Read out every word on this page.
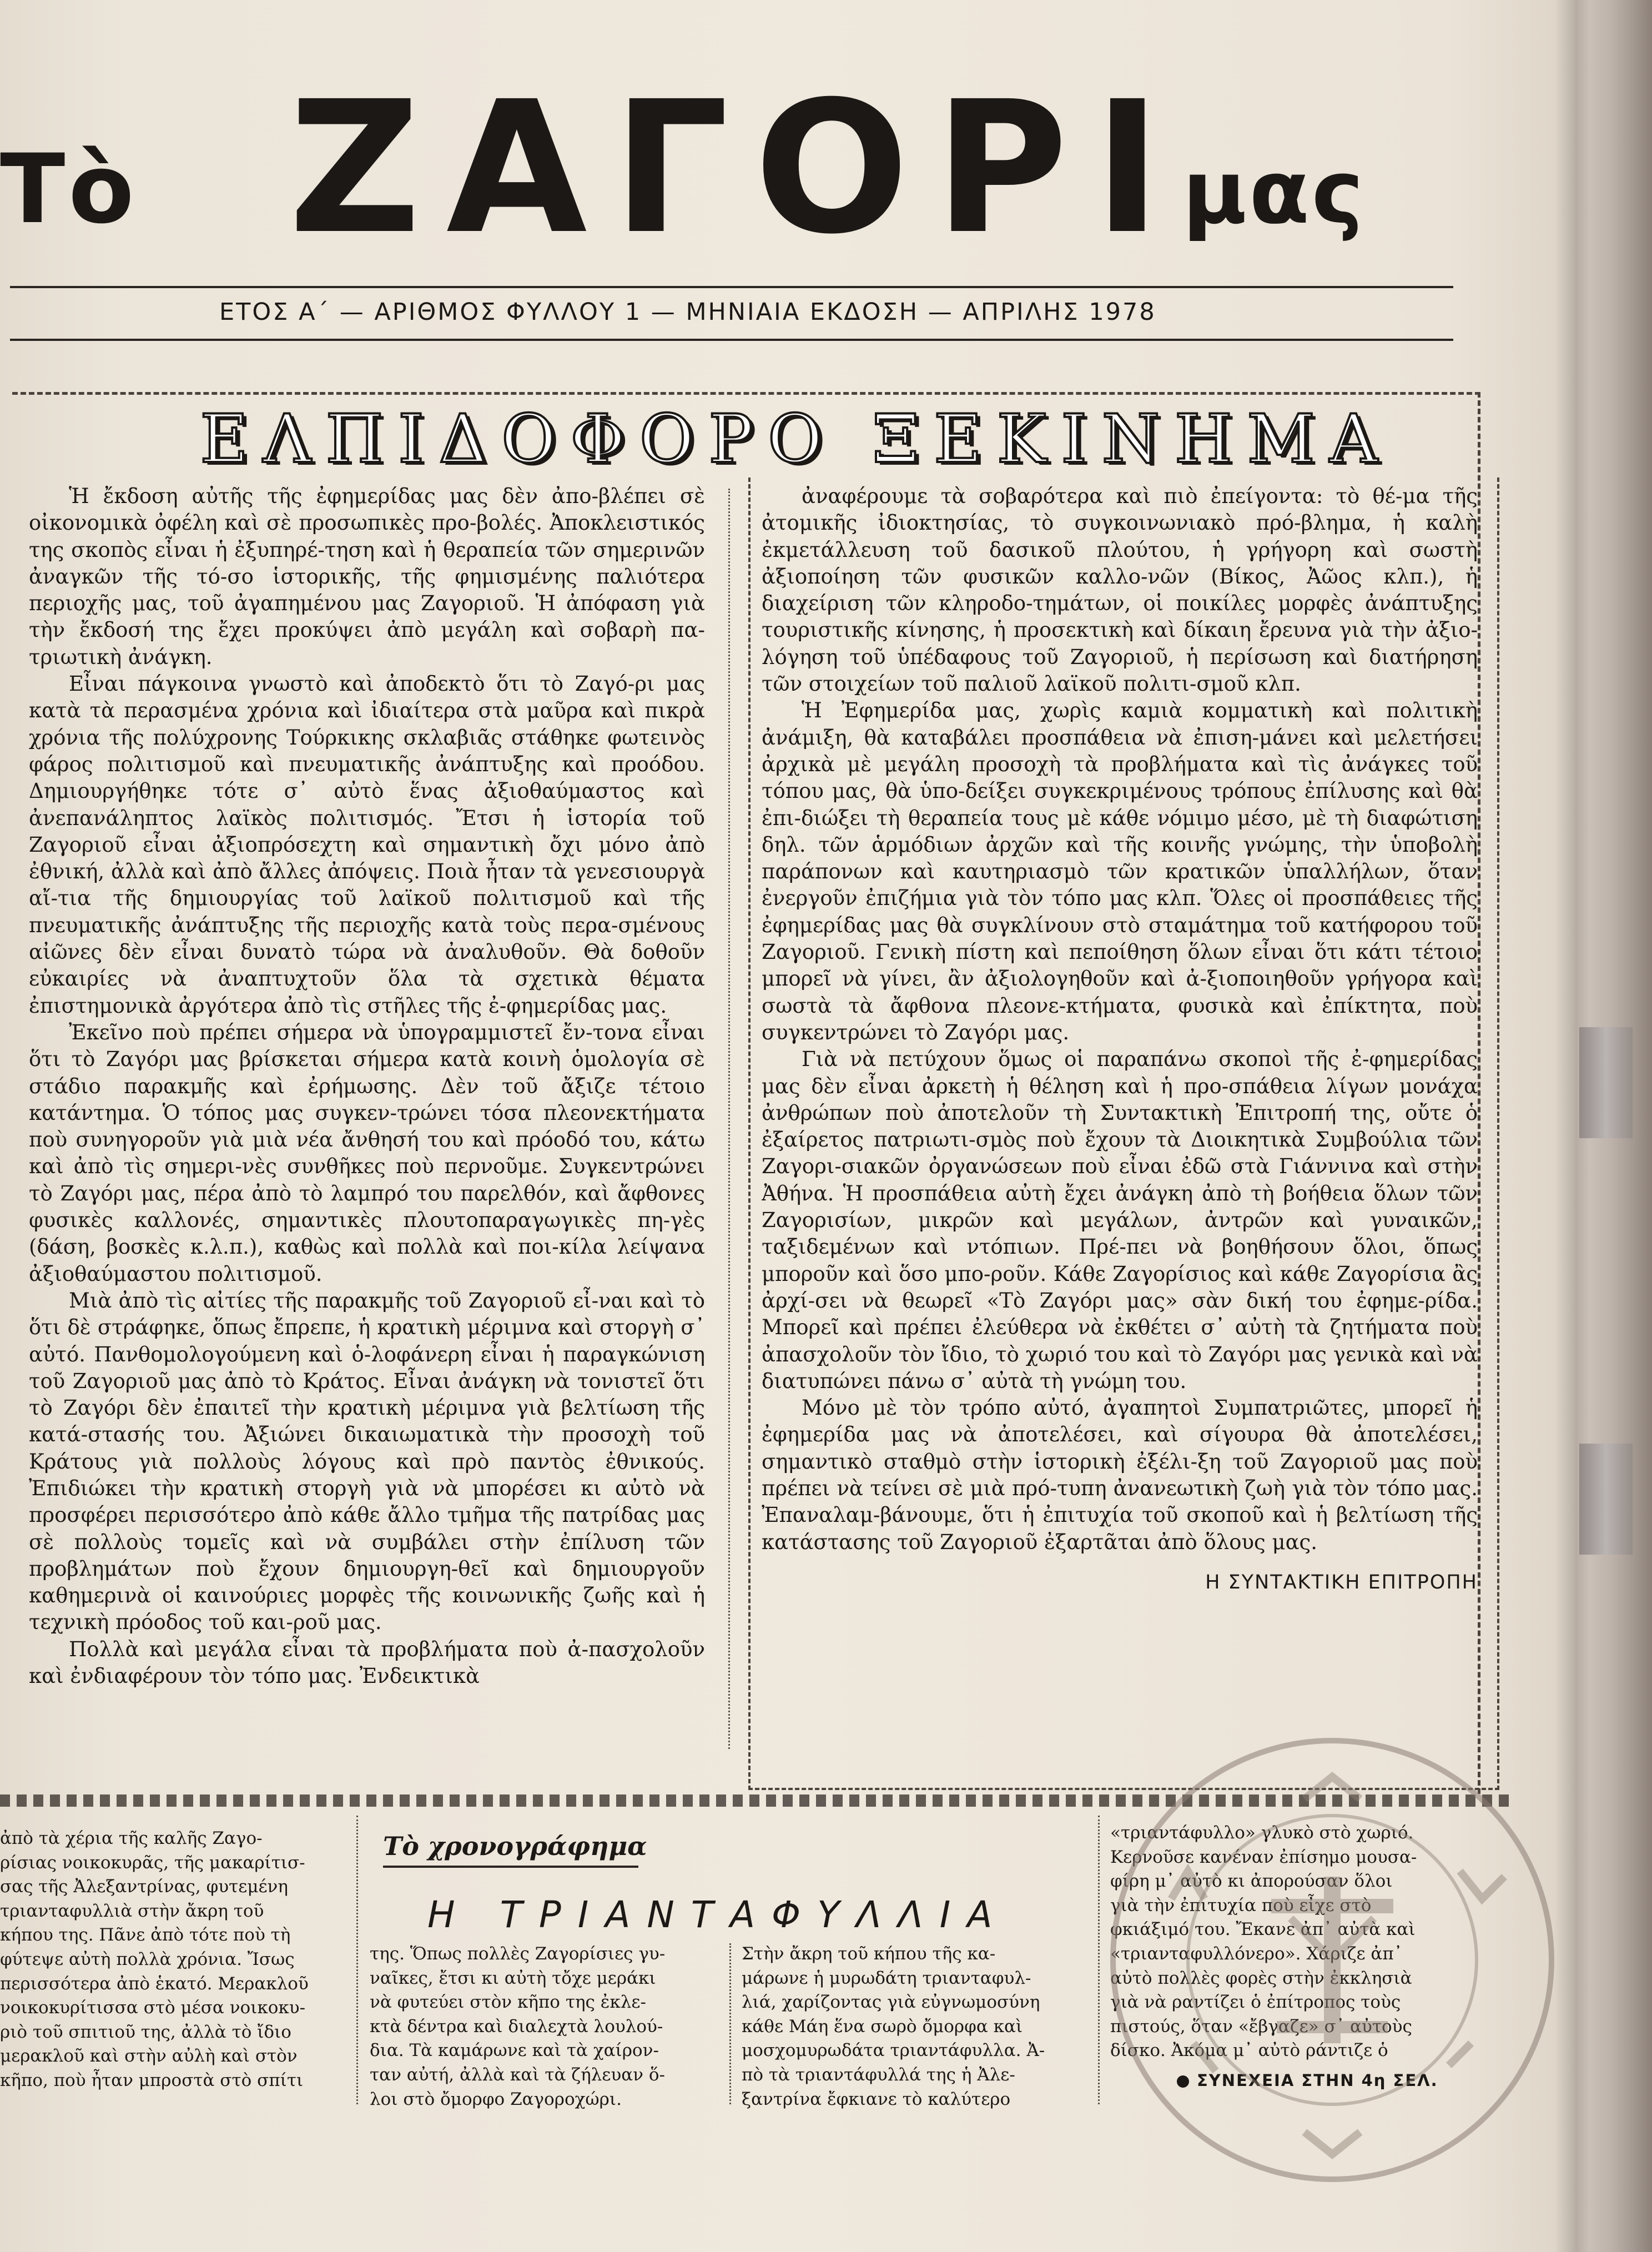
Τὸ ΖΑΓΟΡΙ
μας
ΕΤΟΣ Α΄ — ΑΡΙΘΜΟΣ ΦΥΛΛΟΥ 1 — ΜΗΝΙΑΙΑ ΕΚΔΟΣΗ — ΑΠΡΙΛΗΣ 1978
ΕΛΠΙΔΟΦΟΡΟ ΞΕΚΙΝΗΜΑ

Ἡ ἔκδοση αὐτῆς τῆς ἐφημερίδας μας δὲν ἀπο-βλέπει σὲ οἰκονομικὰ ὀφέλη καὶ σὲ προσωπικὲς προ-βολές. Ἀποκλειστικός της σκοπὸς εἶναι ἡ ἐξυπηρέ-τηση καὶ ἡ θεραπεία τῶν σημερινῶν ἀναγκῶν τῆς τό-σο ἱστορικῆς, τῆς φημισμένης παλιότερα περιοχῆς μας, τοῦ ἀγαπημένου μας Ζαγοριοῦ. Ἡ ἀπόφαση γιὰ τὴν ἔκδοσή της ἔχει προκύψει ἀπὸ μεγάλη καὶ σοβαρὴ πα-τριωτικὴ ἀνάγκη.

Εἶναι πάγκοινα γνωστὸ καὶ ἀποδεκτὸ ὅτι τὸ Ζαγό-ρι μας κατὰ τὰ περασμένα χρόνια καὶ ἰδιαίτερα στὰ μαῦρα καὶ πικρὰ χρόνια τῆς πολύχρονης Τούρκικης σκλαβιᾶς στάθηκε φωτεινὸς φάρος πολιτισμοῦ καὶ πνευματικῆς ἀνάπτυξης καὶ προόδου. Δημιουργήθηκε τότε σ᾿ αὐτὸ ἕνας ἀξιοθαύμαστος καὶ ἀνεπανάληπτος λαϊκὸς πολιτισμός. Ἔτσι ἡ ἱστορία τοῦ Ζαγοριοῦ εἶναι ἀξιοπρόσεχτη καὶ σημαντικὴ ὄχι μόνο ἀπὸ ἐθνική, ἀλλὰ καὶ ἀπὸ ἄλλες ἀπόψεις. Ποιὰ ἦταν τὰ γενεσιουργὰ αἴ-τια τῆς δημιουργίας τοῦ λαϊκοῦ πολιτισμοῦ καὶ τῆς πνευματικῆς ἀνάπτυξης τῆς περιοχῆς κατὰ τοὺς περα-σμένους αἰῶνες δὲν εἶναι δυνατὸ τώρα νὰ ἀναλυθοῦν. Θὰ δοθοῦν εὐκαιρίες νὰ ἀναπτυχτοῦν ὅλα τὰ σχετικὰ θέματα ἐπιστημονικὰ ἀργότερα ἀπὸ τὶς στῆλες τῆς ἐ-φημερίδας μας.

Ἐκεῖνο ποὺ πρέπει σήμερα νὰ ὑπογραμμιστεῖ ἔν-τονα εἶναι ὅτι τὸ Ζαγόρι μας βρίσκεται σήμερα κατὰ κοινὴ ὁμολογία σὲ στάδιο παρακμῆς καὶ ἐρήμωσης. Δὲν τοῦ ἄξιζε τέτοιο κατάντημα. Ὁ τόπος μας συγκεν-τρώνει τόσα πλεονεκτήματα ποὺ συνηγοροῦν γιὰ μιὰ νέα ἄνθησή του καὶ πρόοδό του, κάτω καὶ ἀπὸ τὶς σημερι-νὲς συνθῆκες ποὺ περνοῦμε. Συγκεντρώνει τὸ Ζαγόρι μας, πέρα ἀπὸ τὸ λαμπρό του παρελθόν, καὶ ἄφθονες φυσικὲς καλλονές, σημαντικὲς πλουτοπαραγωγικὲς πη-γὲς (δάση, βοσκὲς κ.λ.π.), καθὼς καὶ πολλὰ καὶ ποι-κίλα λείψανα ἀξιοθαύμαστου πολιτισμοῦ.

Μιὰ ἀπὸ τὶς αἰτίες τῆς παρακμῆς τοῦ Ζαγοριοῦ εἶ-ναι καὶ τὸ ὅτι δὲ στράφηκε, ὅπως ἔπρεπε, ἡ κρατικὴ μέριμνα καὶ στοργὴ σ᾿ αὐτό. Πανθομολογούμενη καὶ ὁ-λοφάνερη εἶναι ἡ παραγκώνιση τοῦ Ζαγοριοῦ μας ἀπὸ τὸ Κράτος. Εἶναι ἀνάγκη νὰ τονιστεῖ ὅτι τὸ Ζαγόρι δὲν ἐπαιτεῖ τὴν κρατικὴ μέριμνα γιὰ βελτίωση τῆς κατά-στασής του. Ἀξιώνει δικαιωματικὰ τὴν προσοχὴ τοῦ Κράτους γιὰ πολλοὺς λόγους καὶ πρὸ παντὸς ἐθνικούς. Ἐπιδιώκει τὴν κρατικὴ στοργὴ γιὰ νὰ μπορέσει κι αὐτὸ νὰ προσφέρει περισσότερο ἀπὸ κάθε ἄλλο τμῆμα τῆς πατρίδας μας σὲ πολλοὺς τομεῖς καὶ νὰ συμβάλει στὴν ἐπίλυση τῶν προβλημάτων ποὺ ἔχουν δημιουργη-θεῖ καὶ δημιουργοῦν καθημερινὰ οἱ καινούριες μορφὲς τῆς κοινωνικῆς ζωῆς καὶ ἡ τεχνικὴ πρόοδος τοῦ και-ροῦ μας.

Πολλὰ καὶ μεγάλα εἶναι τὰ προβλήματα ποὺ ἀ-πασχολοῦν καὶ ἐνδιαφέρουν τὸν τόπο μας. Ἐνδεικτικὰ

ἀναφέρουμε τὰ σοβαρότερα καὶ πιὸ ἐπείγοντα: τὸ θέ-μα τῆς ἀτομικῆς ἰδιοκτησίας, τὸ συγκοινωνιακὸ πρό-βλημα, ἡ καλὴ ἐκμετάλλευση τοῦ δασικοῦ πλούτου, ἡ γρήγορη καὶ σωστὴ ἀξιοποίηση τῶν φυσικῶν καλλο-νῶν (Βίκος, Ἀῶος κλπ.), ἡ διαχείριση τῶν κληροδο-τημάτων, οἱ ποικίλες μορφὲς ἀνάπτυξης τουριστικῆς κίνησης, ἡ προσεκτικὴ καὶ δίκαιη ἔρευνα γιὰ τὴν ἀξιο-λόγηση τοῦ ὑπέδαφους τοῦ Ζαγοριοῦ, ἡ περίσωση καὶ διατήρηση τῶν στοιχείων τοῦ παλιοῦ λαϊκοῦ πολιτι-σμοῦ κλπ.

Ἡ Ἐφημερίδα μας, χωρὶς καμιὰ κομματικὴ καὶ πολιτικὴ ἀνάμιξη, θὰ καταβάλει προσπάθεια νὰ ἐπιση-μάνει καὶ μελετήσει ἀρχικὰ μὲ μεγάλη προσοχὴ τὰ προβλήματα καὶ τὶς ἀνάγκες τοῦ τόπου μας, θὰ ὑπο-δείξει συγκεκριμένους τρόπους ἐπίλυσης καὶ θὰ ἐπι-διώξει τὴ θεραπεία τους μὲ κάθε νόμιμο μέσο, μὲ τὴ διαφώτιση δηλ. τῶν ἁρμόδιων ἀρχῶν καὶ τῆς κοινῆς γνώμης, τὴν ὑποβολὴ παράπονων καὶ καυτηριασμὸ τῶν κρατικῶν ὑπαλλήλων, ὅταν ἐνεργοῦν ἐπιζήμια γιὰ τὸν τόπο μας κλπ. Ὅλες οἱ προσπάθειες τῆς ἐφημερίδας μας θὰ συγκλίνουν στὸ σταμάτημα τοῦ κατήφορου τοῦ Ζαγοριοῦ. Γενικὴ πίστη καὶ πεποίθηση ὅλων εἶναι ὅτι κάτι τέτοιο μπορεῖ νὰ γίνει, ἂν ἀξιολογηθοῦν καὶ ἀ-ξιοποιηθοῦν γρήγορα καὶ σωστὰ τὰ ἄφθονα πλεονε-κτήματα, φυσικὰ καὶ ἐπίκτητα, ποὺ συγκεντρώνει τὸ Ζαγόρι μας.

Γιὰ νὰ πετύχουν ὅμως οἱ παραπάνω σκοποὶ τῆς ἐ-φημερίδας μας δὲν εἶναι ἀρκετὴ ἡ θέληση καὶ ἡ προ-σπάθεια λίγων μονάχα ἀνθρώπων ποὺ ἀποτελοῦν τὴ Συντακτικὴ Ἐπιτροπή της, οὔτε ὁ ἐξαίρετος πατριωτι-σμὸς ποὺ ἔχουν τὰ Διοικητικὰ Συμβούλια τῶν Ζαγορι-σιακῶν ὀργανώσεων ποὺ εἶναι ἐδῶ στὰ Γιάννινα καὶ στὴν Ἀθήνα. Ἡ προσπάθεια αὐτὴ ἔχει ἀνάγκη ἀπὸ τὴ βοήθεια ὅλων τῶν Ζαγορισίων, μικρῶν καὶ μεγάλων, ἀντρῶν καὶ γυναικῶν, ταξιδεμένων καὶ ντόπιων. Πρέ-πει νὰ βοηθήσουν ὅλοι, ὅπως μποροῦν καὶ ὅσο μπο-ροῦν. Κάθε Ζαγορίσιος καὶ κάθε Ζαγορίσια ἂς ἀρχί-σει νὰ θεωρεῖ «Τὸ Ζαγόρι μας» σὰν δική του ἐφημε-ρίδα. Μπορεῖ καὶ πρέπει ἐλεύθερα νὰ ἐκθέτει σ᾿ αὐτὴ τὰ ζητήματα ποὺ ἀπασχολοῦν τὸν ἴδιο, τὸ χωριό του καὶ τὸ Ζαγόρι μας γενικὰ καὶ νὰ διατυπώνει πάνω σ᾿ αὐτὰ τὴ γνώμη του.

Μόνο μὲ τὸν τρόπο αὐτό, ἀγαπητοὶ Συμπατριῶτες, μπορεῖ ἡ ἐφημερίδα μας νὰ ἀποτελέσει, καὶ σίγουρα θὰ ἀποτελέσει, σημαντικὸ σταθμὸ στὴν ἱστορικὴ ἐξέλι-ξη τοῦ Ζαγοριοῦ μας ποὺ πρέπει νὰ τείνει σὲ μιὰ πρό-τυπη ἀνανεωτικὴ ζωὴ γιὰ τὸν τόπο μας. Ἐπαναλαμ-βάνουμε, ὅτι ἡ ἐπιτυχία τοῦ σκοποῦ καὶ ἡ βελτίωση τῆς κατάστασης τοῦ Ζαγοριοῦ ἐξαρτᾶται ἀπὸ ὅλους μας.

Η ΣΥΝΤΑΚΤΙΚΗ ΕΠΙΤΡΟΠΗ

ἀπὸ τὰ χέρια τῆς καλῆς Ζαγο-

ρίσιας νοικοκυρᾶς, τῆς μακαρίτισ-

σας τῆς Ἀλεξαντρίνας, φυτεμένη

τριανταφυλλιὰ στὴν ἄκρη τοῦ

κήπου της. Πᾶνε ἀπὸ τότε ποὺ τὴ

φύτεψε αὐτὴ πολλὰ χρόνια. Ἴσως

περισσότερα ἀπὸ ἑκατό. Μερακλοῦ

νοικοκυρίτισσα στὸ μέσα νοικοκυ-

ριὸ τοῦ σπιτιοῦ της, ἀλλὰ τὸ ἴδιο

μερακλοῦ καὶ στὴν αὐλὴ καὶ στὸν

κῆπο, ποὺ ἦταν μπροστὰ στὸ σπίτι

Τὸ χρονογράφημα
Η ΤΡΙΑΝΤΑΦΥΛΛΙΑ

της. Ὅπως πολλὲς Ζαγορίσιες γυ-

ναῖκες, ἔτσι κι αὐτὴ τὄχε μεράκι

νὰ φυτεύει στὸν κῆπο της ἐκλε-

κτὰ δέντρα καὶ διαλεχτὰ λουλού-

δια. Τὰ καμάρωνε καὶ τὰ χαίρον-

ταν αὐτή, ἀλλὰ καὶ τὰ ζήλευαν ὅ-

λοι στὸ ὄμορφο Ζαγοροχώρι.

Στὴν ἄκρη τοῦ κήπου τῆς κα-

μάρωνε ἡ μυρωδάτη τριανταφυλ-

λιά, χαρίζοντας γιὰ εὐγνωμοσύνη

κάθε Μάη ἕνα σωρὸ ὄμορφα καὶ

μοσχομυρωδάτα τριαντάφυλλα. Ἀ-

πὸ τὰ τριαντάφυλλά της ἡ Ἀλε-

ξαντρίνα ἔφκιανε τὸ καλύτερο

«τριαντάφυλλο» γλυκὸ στὸ χωριό.

Κερνοῦσε κανέναν ἐπίσημο μουσα-

φίρη μ᾿ αὐτὸ κι ἀπορούσαν ὅλοι

γιὰ τὴν ἐπιτυχία ποὺ εἶχε στὸ

φκιάξιμό του. Ἔκανε ἀπ᾿ αὐτὰ καὶ

«τριανταφυλλόνερο». Χάριζε ἀπ᾿

αὐτὸ πολλὲς φορὲς στὴν ἐκκλησιὰ

γιὰ νὰ ραντίζει ὁ ἐπίτροπος τοὺς

πιστούς, ὅταν «ἔβγαζε» σ᾿ αὐτοὺς

δίσκο. Ἀκόμα μ᾿ αὐτὸ ράντιζε ὁ

ΣΥΝΕΧΕΙΑ ΣΤΗΝ 4η ΣΕΛ.
